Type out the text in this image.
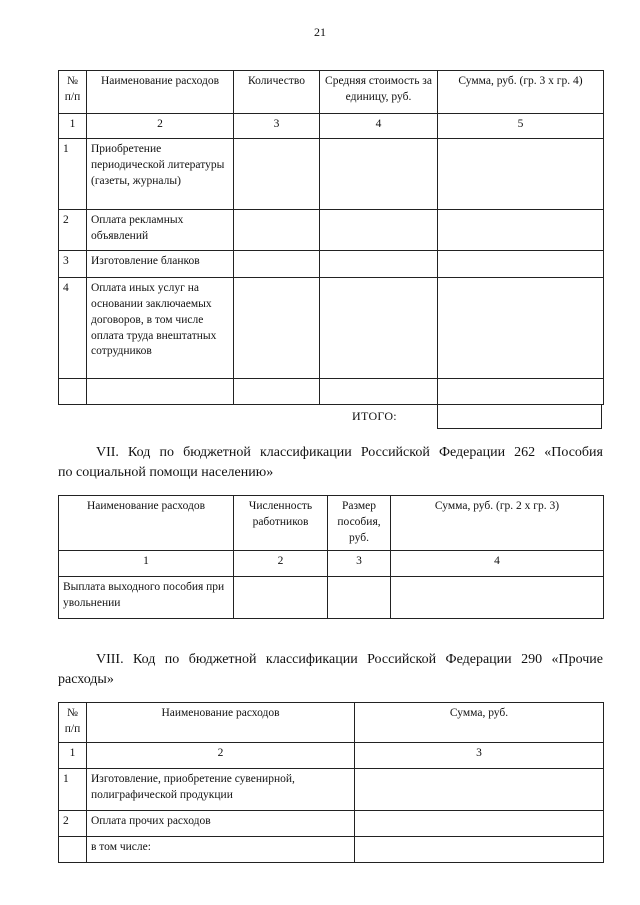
21
№ п/п	Наименование расходов	Количество	Средняя стоимость за единицу, руб.	Сумма, руб. (гр. 3 х гр. 4)
1	2	3	4	5
1	Приобретение периодической литературы (газеты, журналы)			
2	Оплата рекламных объявлений			
3	Изготовление бланков			
4	Оплата иных услуг на основании заключаемых договоров, в том числе оплата труда внештатных сотрудников			

ИТОГО:
VII. Код по бюджетной классификации Российской Федерации 262 «Пособия
по социальной помощи населению»
Наименование расходов	Численность работников	Размер пособия, руб.	Сумма, руб. (гр. 2 х гр. 3)
1	2	3	4
Выплата выходного пособия при увольнении			
VIII. Код по бюджетной классификации Российской Федерации 290 «Прочие
расходы»
№ п/п	Наименование расходов	Сумма, руб.
1	2	3
1	Изготовление, приобретение сувенирной, полиграфической продукции	
2	Оплата прочих расходов	
	в том числе:	
